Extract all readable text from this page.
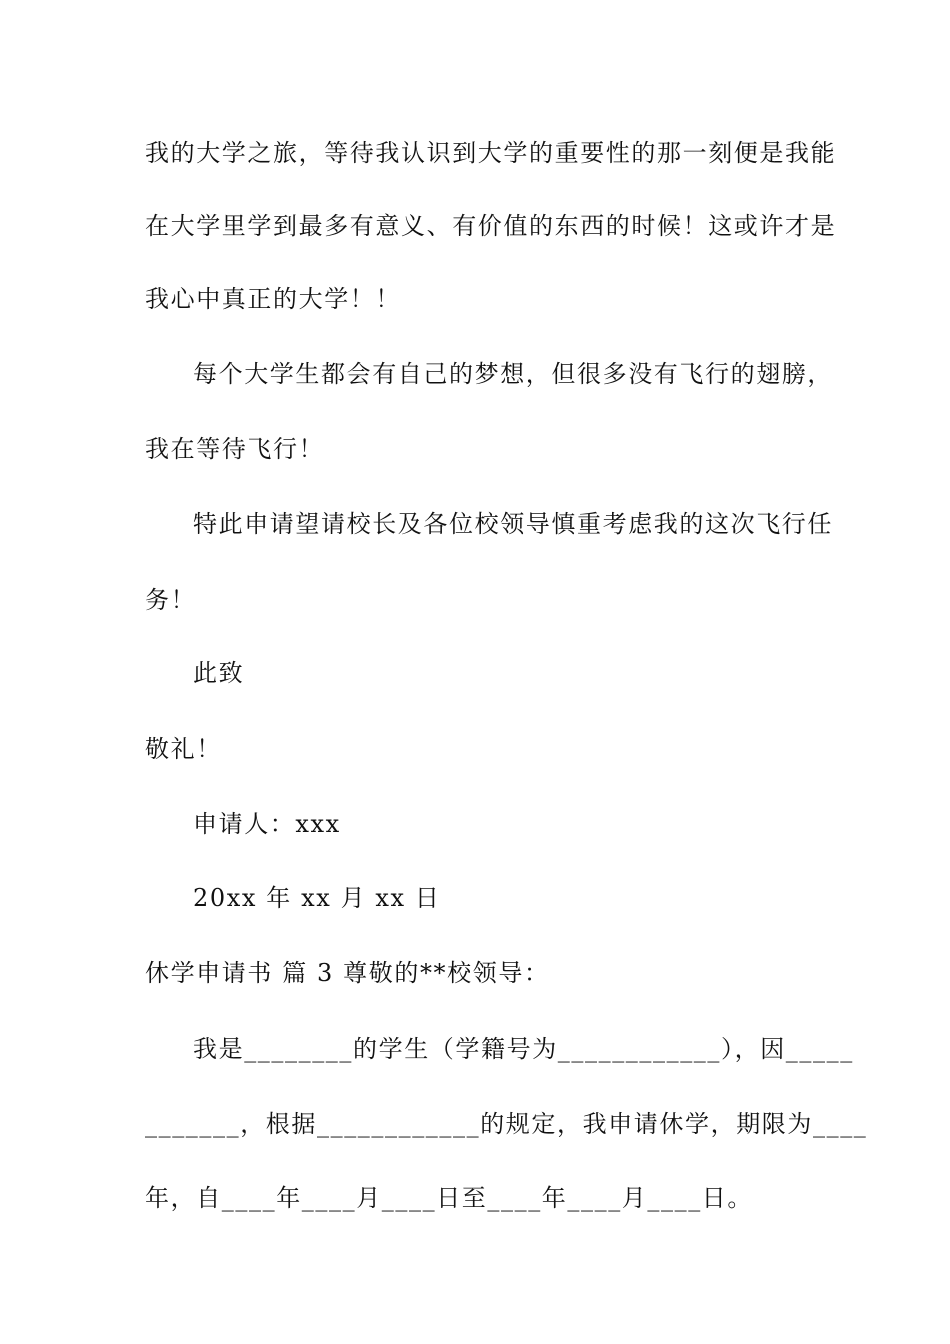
我的大学之旅，等待我认识到大学的重要性的那一刻便是我能
在大学里学到最多有意义、有价值的东西的时候！这或许才是
我心中真正的大学！！
每个大学生都会有自己的梦想，但很多没有飞行的翅膀，
我在等待飞行！
特此申请望请校长及各位校领导慎重考虑我的这次飞行任
务！
此致
敬礼！
申请人：xxx
20xx 年 xx 月 xx 日
休学申请书 篇 3 尊敬的**校领导：
我是________的学生（学籍号为____________），因_____
_______，根据____________的规定，我申请休学，期限为____
年，自____年____月____日至____年____月____日。
